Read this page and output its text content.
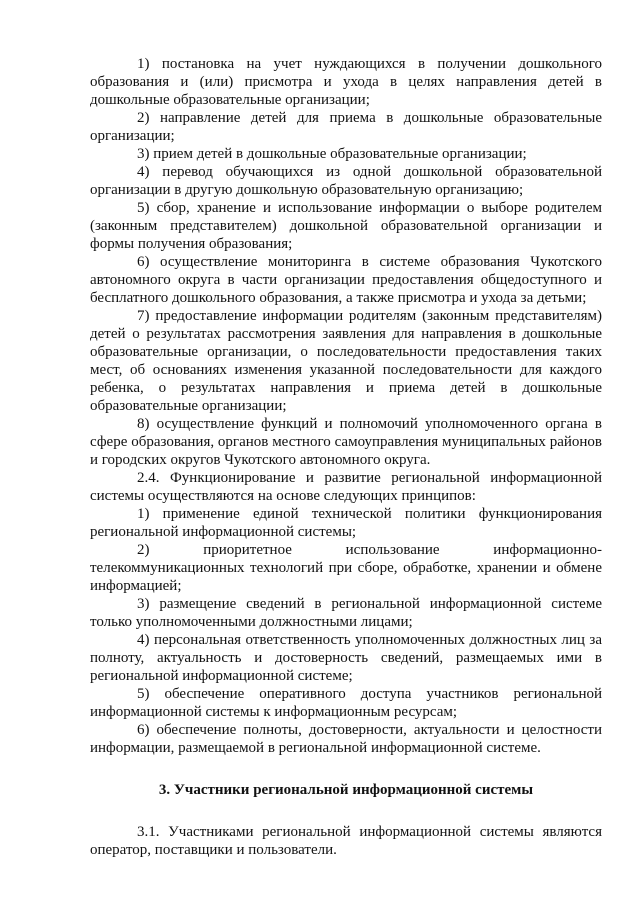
1) постановка на учет нуждающихся в получении дошкольного образования и (или) присмотра и ухода в целях направления детей в дошкольные образовательные организации;

2) направление детей для приема в дошкольные образовательные организации;

3) прием детей в дошкольные образовательные организации;

4) перевод обучающихся из одной дошкольной образовательной организации в другую дошкольную образовательную организацию;

5) сбор, хранение и использование информации о выборе родителем (законным представителем) дошкольной образовательной организации и формы получения образования;

6) осуществление мониторинга в системе образования Чукотского автономного округа в части организации предоставления общедоступного и бесплатного дошкольного образования, а также присмотра и ухода за детьми;

7) предоставление информации родителям (законным представителям) детей о результатах рассмотрения заявления для направления в дошкольные образовательные организации, о последовательности предоставления таких мест, об основаниях изменения указанной последовательности для каждого ребенка, о результатах направления и приема детей в дошкольные образовательные организации;

8) осуществление функций и полномочий уполномоченного органа в сфере образования, органов местного самоуправления муниципальных районов и городских округов Чукотского автономного округа.

2.4. Функционирование и развитие региональной информационной системы осуществляются на основе следующих принципов:

1) применение единой технической политики функционирования региональной информационной системы;

2) приоритетное использование информационно-телекоммуникационных технологий при сборе, обработке, хранении и обмене информацией;

3) размещение сведений в региональной информационной системе только уполномоченными должностными лицами;

4) персональная ответственность уполномоченных должностных лиц за полноту, актуальность и достоверность сведений, размещаемых ими в региональной информационной системе;

5) обеспечение оперативного доступа участников региональной информационной системы к информационным ресурсам;

6) обеспечение полноты, достоверности, актуальности и целостности информации, размещаемой в региональной информационной системе.

3. Участники региональной информационной системы

3.1. Участниками региональной информационной системы являются оператор, поставщики и пользователи.
